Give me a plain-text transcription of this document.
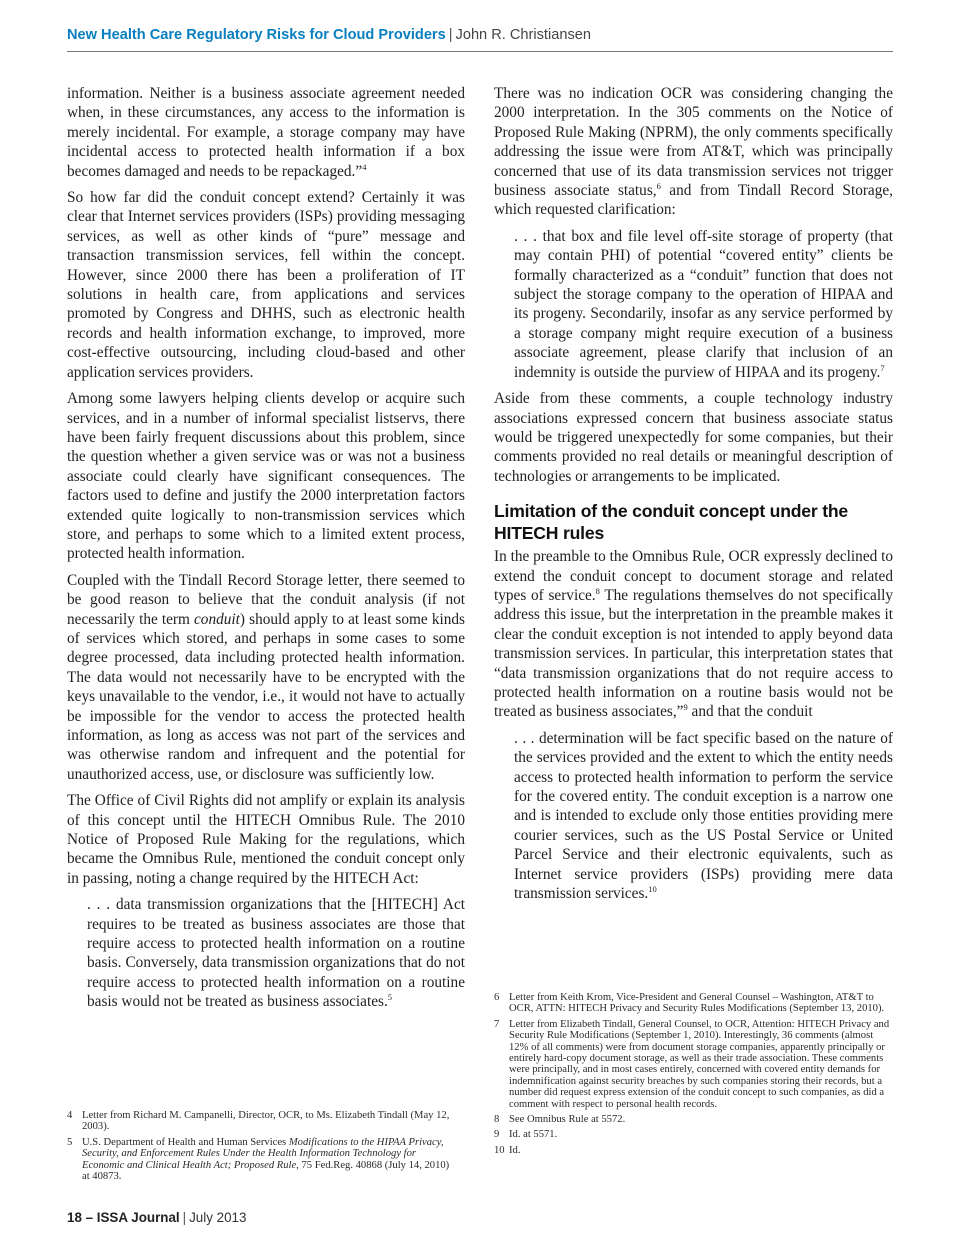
New Health Care Regulatory Risks for Cloud Providers | John R. Christiansen

information. Neither is a business associate agreement needed when, in these circumstances, any access to the information is merely incidental. For example, a storage company may have incidental access to protected health information if a box becomes damaged and needs to be repackaged.”$^4$

So how far did the conduit concept extend? Certainly it was clear that Internet services providers (ISPs) providing messaging services, as well as other kinds of “pure” message and transaction transmission services, fell within the concept. However, since 2000 there has been a proliferation of IT solutions in health care, from applications and services promoted by Congress and DHHS, such as electronic health records and health information exchange, to improved, more cost-effective outsourcing, including cloud-based and other application services providers.

Among some lawyers helping clients develop or acquire such services, and in a number of informal specialist listservs, there have been fairly frequent discussions about this problem, since the question whether a given service was or was not a business associate could clearly have significant consequences. The factors used to define and justify the 2000 interpretation factors extended quite logically to non-transmission services which store, and perhaps to some which to a limited extent process, protected health information.

Coupled with the Tindall Record Storage letter, there seemed to be good reason to believe that the conduit analysis (if not necessarily the term conduit) should apply to at least some kinds of services which stored, and perhaps in some cases to some degree processed, data including protected health information. The data would not necessarily have to be encrypted with the keys unavailable to the vendor, i.e., it would not have to actually be impossible for the vendor to access the protected health information, as long as access was not part of the services and was otherwise random and infrequent and the potential for unauthorized access, use, or disclosure was sufficiently low.

The Office of Civil Rights did not amplify or explain its analysis of this concept until the HITECH Omnibus Rule. The 2010 Notice of Proposed Rule Making for the regulations, which became the Omnibus Rule, mentioned the conduit concept only in passing, noting a change required by the HITECH Act:

. . . data transmission organizations that the [HITECH] Act requires to be treated as business associates are those that require access to protected health information on a routine basis. Conversely, data transmission organizations that do not require access to protected health information on a routine basis would not be treated as business associates.$^5$

There was no indication OCR was considering changing the 2000 interpretation. In the 305 comments on the Notice of Proposed Rule Making (NPRM), the only comments specifically addressing the issue were from AT&T, which was principally concerned that use of its data transmission services not trigger business associate status,$^6$ and from Tindall Record Storage, which requested clarification:

. . . that box and file level off-site storage of property (that may contain PHI) of potential “covered entity” clients be formally characterized as a “conduit” function that does not subject the storage company to the operation of HIPAA and its progeny. Secondarily, insofar as any service performed by a storage company might require execution of a business associate agreement, please clarify that inclusion of an indemnity is outside the purview of HIPAA and its progeny.$^7$

Aside from these comments, a couple technology industry associations expressed concern that business associate status would be triggered unexpectedly for some companies, but their comments provided no real details or meaningful description of technologies or arrangements to be implicated.

Limitation of the conduit concept under the HITECH rules

In the preamble to the Omnibus Rule, OCR expressly declined to extend the conduit concept to document storage and related types of service.$^8$ The regulations themselves do not specifically address this issue, but the interpretation in the preamble makes it clear the conduit exception is not intended to apply beyond data transmission services. In particular, this interpretation states that “data transmission organizations that do not require access to protected health information on a routine basis would not be treated as business associates,”$^9$ and that the conduit

. . . determination will be fact specific based on the nature of the services provided and the extent to which the entity needs access to protected health information to perform the service for the covered entity. The conduit exception is a narrow one and is intended to exclude only those entities providing mere courier services, such as the US Postal Service or United Parcel Service and their electronic equivalents, such as Internet service providers (ISPs) providing mere data transmission services.$^{10}$

4 Letter from Richard M. Campanelli, Director, OCR, to Ms. Elizabeth Tindall (May 12, 2003).
5 U.S. Department of Health and Human Services Modifications to the HIPAA Privacy, Security, and Enforcement Rules Under the Health Information Technology for Economic and Clinical Health Act; Proposed Rule, 75 Fed.Reg. 40868 (July 14, 2010) at 40873.
6 Letter from Keith Krom, Vice-President and General Counsel – Washington, AT&T to OCR, ATTN: HITECH Privacy and Security Rules Modifications (September 13, 2010).
7 Letter from Elizabeth Tindall, General Counsel, to OCR, Attention: HITECH Privacy and Security Rule Modifications (September 1, 2010). Interestingly, 36 comments (almost 12% of all comments) were from document storage companies, apparently principally or entirely hard-copy document storage, as well as their trade association. These comments were principally, and in most cases entirely, concerned with covered entity demands for indemnification against security breaches by such companies storing their records, but a number did request express extension of the conduit concept to such companies, as did a comment with respect to personal health records.
8 See Omnibus Rule at 5572.
9 Id. at 5571.
10 Id.
18 – ISSA Journal | July 2013
